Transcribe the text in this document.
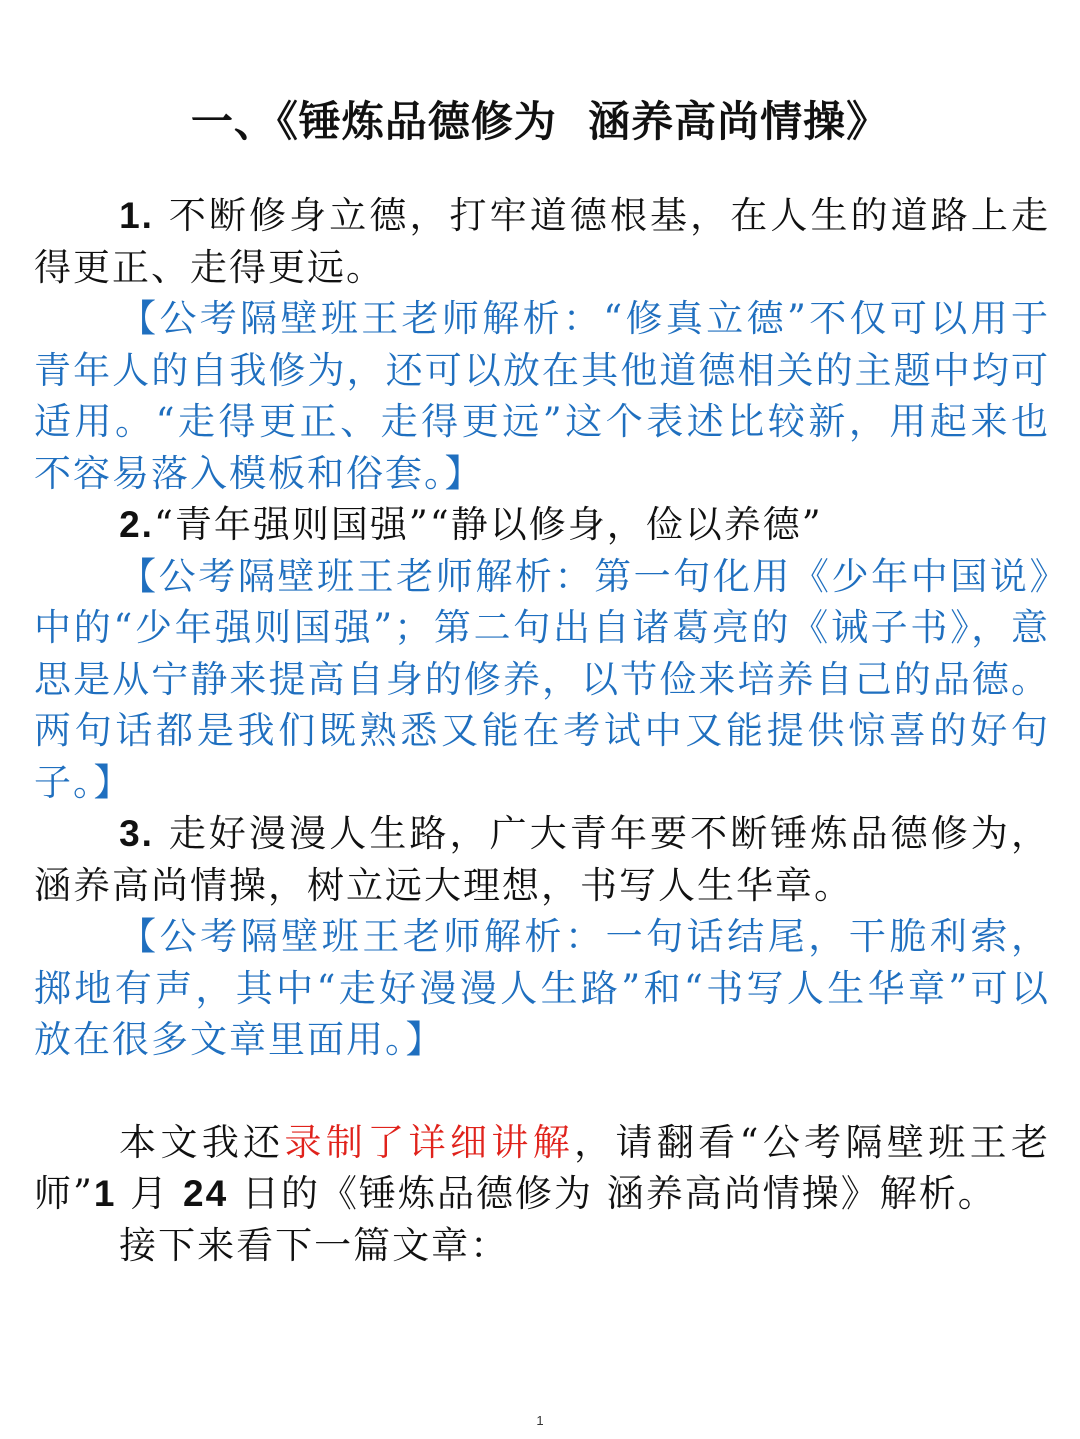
一、《锤炼品德修为  涵养高尚情操》

1. 不断修身立德，打牢道德根基，在人生的道路上走得更正、走得更远。

【公考隔壁班王老师解析：“修真立德”不仅可以用于青年人的自我修为，还可以放在其他道德相关的主题中均可适用。“走得更正、走得更远”这个表述比较新，用起来也不容易落入模板和俗套。】

2.“青年强则国强”“静以修身，俭以养德”

【公考隔壁班王老师解析：第一句化用《少年中国说》中的“少年强则国强”；第二句出自诸葛亮的《诫子书》，意思是从宁静来提高自身的修养，以节俭来培养自己的品德。两句话都是我们既熟悉又能在考试中又能提供惊喜的好句子。】

3. 走好漫漫人生路，广大青年要不断锤炼品德修为，涵养高尚情操，树立远大理想，书写人生华章。

【公考隔壁班王老师解析：一句话结尾，干脆利索，掷地有声，其中“走好漫漫人生路”和“书写人生华章”可以放在很多文章里面用。】

本文我还录制了详细讲解，请翻看“公考隔壁班王老师”1 月 24 日的《锤炼品德修为 涵养高尚情操》解析。

接下来看下一篇文章：

1
